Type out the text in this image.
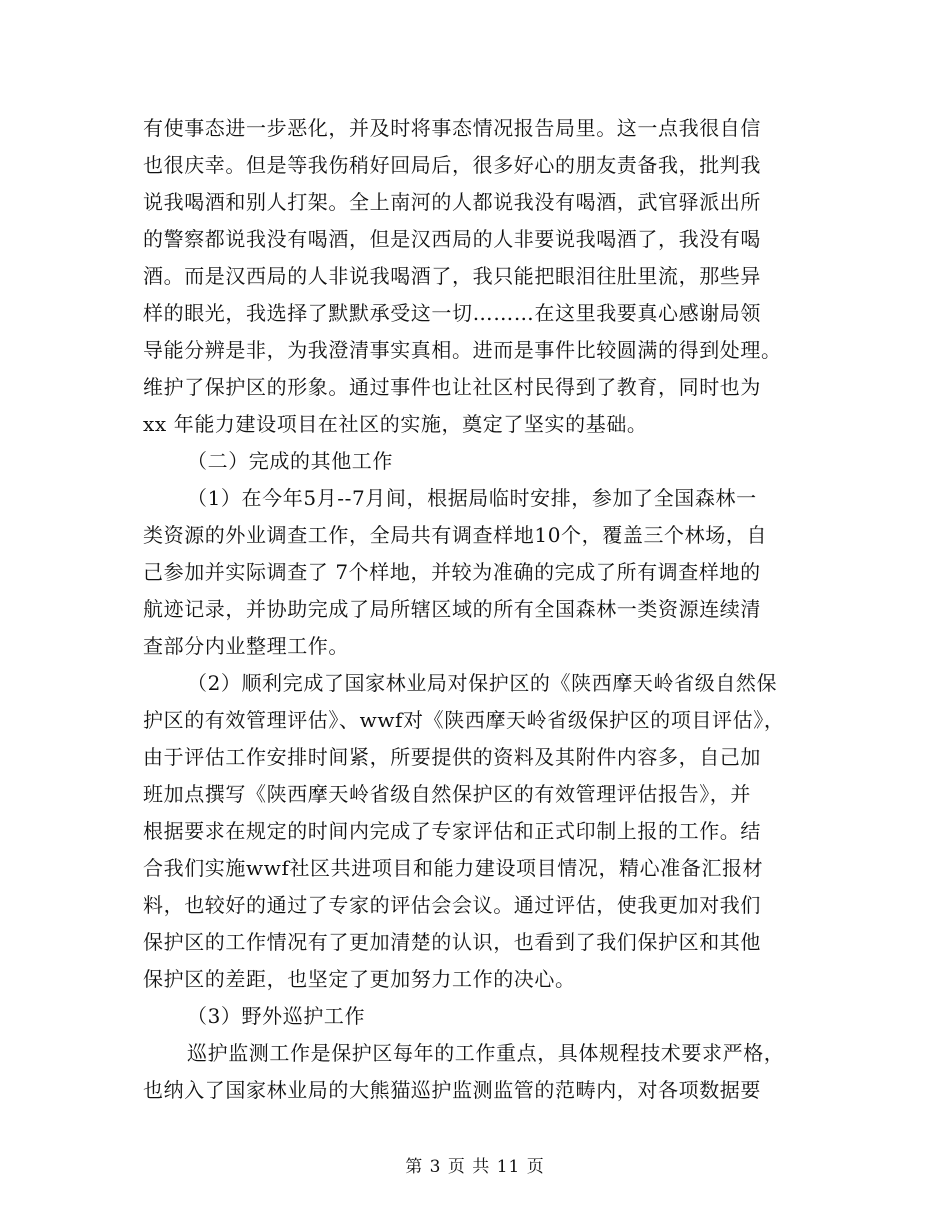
有使事态进一步恶化，并及时将事态情况报告局里。这一点我很自信
也很庆幸。但是等我伤稍好回局后，很多好心的朋友责备我，批判我
说我喝酒和别人打架。全上南河的人都说我没有喝酒，武官驿派出所
的警察都说我没有喝酒，但是汉西局的人非要说我喝酒了，我没有喝
酒。而是汉西局的人非说我喝酒了，我只能把眼泪往肚里流，那些异
样的眼光，我选择了默默承受这一切………在这里我要真心感谢局领
导能分辨是非，为我澄清事实真相。进而是事件比较圆满的得到处理。
维护了保护区的形象。通过事件也让社区村民得到了教育，同时也为
xx 年能力建设项目在社区的实施，奠定了坚实的基础。
（二）完成的其他工作
（1）在今年5月--7月间，根据局临时安排，参加了全国森林一
类资源的外业调查工作，全局共有调查样地10个，覆盖三个林场，自
己参加并实际调查了 7个样地，并较为准确的完成了所有调查样地的
航迹记录，并协助完成了局所辖区域的所有全国森林一类资源连续清
查部分内业整理工作。
（2）顺利完成了国家林业局对保护区的《陕西摩天岭省级自然保
护区的有效管理评估》、wwf对《陕西摩天岭省级保护区的项目评估》，
由于评估工作安排时间紧，所要提供的资料及其附件内容多，自己加
班加点撰写《陕西摩天岭省级自然保护区的有效管理评估报告》，并
根据要求在规定的时间内完成了专家评估和正式印制上报的工作。结
合我们实施wwf社区共进项目和能力建设项目情况，精心准备汇报材
料，也较好的通过了专家的评估会会议。通过评估，使我更加对我们
保护区的工作情况有了更加清楚的认识，也看到了我们保护区和其他
保护区的差距，也坚定了更加努力工作的决心。
（3）野外巡护工作
巡护监测工作是保护区每年的工作重点，具体规程技术要求严格，
也纳入了国家林业局的大熊猫巡护监测监管的范畴内，对各项数据要
第 3 页 共 11 页
